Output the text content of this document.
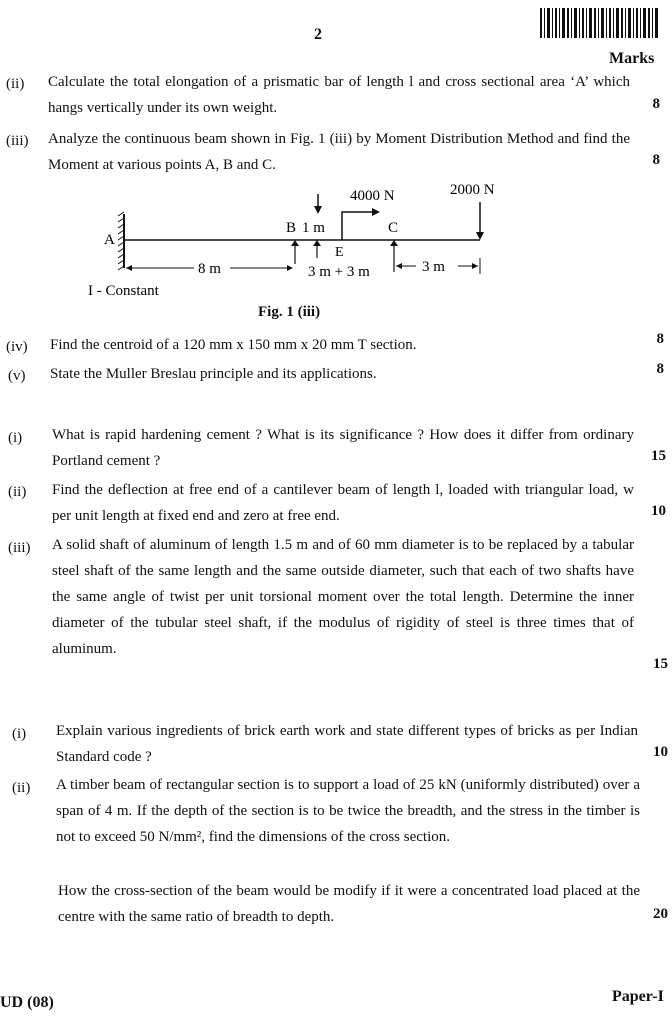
2
Marks
(ii) Calculate the total elongation of a prismatic bar of length l and cross sectional area ‘A’ which hangs vertically under its own weight.	8
(iii) Analyze the continuous beam shown in Fig. 1 (iii) by Moment Distribution Method and find the Moment at various points A, B and C.	8
4000 N	2000 N
A
B 1 m	C
E
8 m	3 m + 3 m	3 m
I - Constant
Fig. 1 (iii)
(iv) Find the centroid of a 120 mm x 150 mm x 20 mm T section.	8
(v) State the Muller Breslau principle and its applications.	8
(i) What is rapid hardening cement ? What is its significance ? How does it differ from ordinary Portland cement ?	15
(ii) Find the deflection at free end of a cantilever beam of length l, loaded with triangular load, w per unit length at fixed end and zero at free end.	10
(iii) A solid shaft of aluminum of length 1.5 m and of 60 mm diameter is to be replaced by a tabular steel shaft of the same length and the same outside diameter, such that each of two shafts have the same angle of twist per unit torsional moment over the total length. Determine the inner diameter of the tubular steel shaft, if the modulus of rigidity of steel is three times that of aluminum.
15
(i) Explain various ingredients of brick earth work and state different types of bricks as per Indian Standard code ?	10
(ii) A timber beam of rectangular section is to support a load of 25 kN (uniformly distributed) over a span of 4 m. If the depth of the section is to be twice the breadth, and the stress in the timber is not to exceed 50 N/mm², find the dimensions of the cross section.
How the cross-section of the beam would be modify if it were a concentrated load placed at the centre with the same ratio of breadth to depth.	20
UD (08)	Paper-I
